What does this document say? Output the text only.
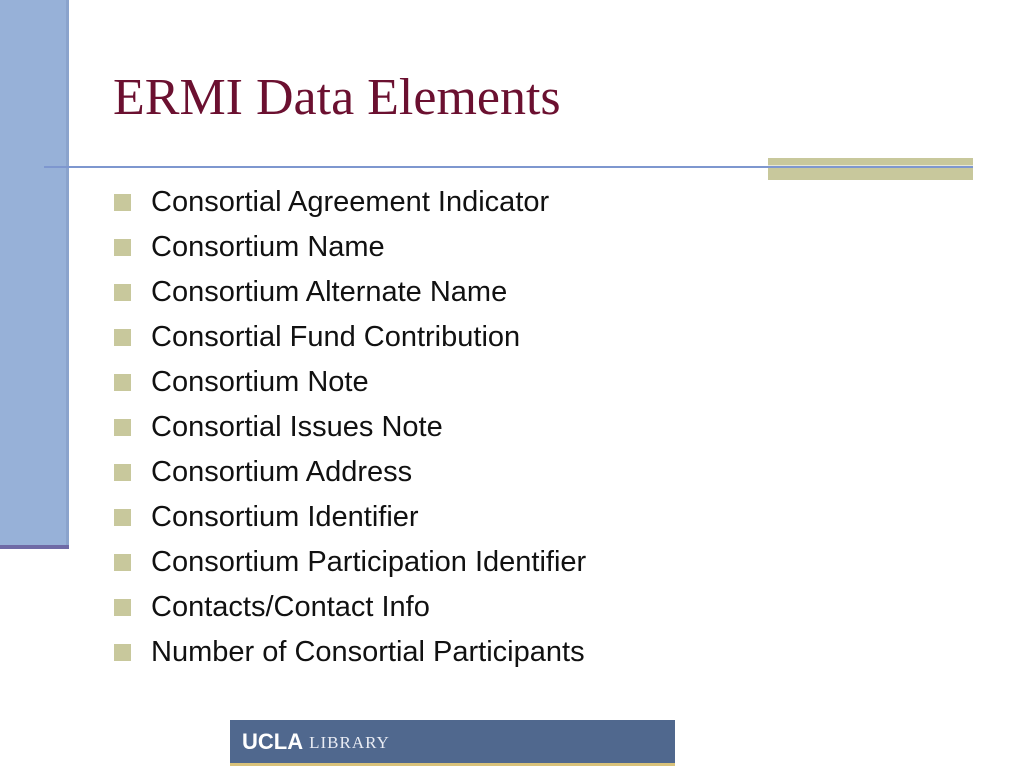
ERMI Data Elements
Consortial Agreement Indicator
Consortium Name
Consortium Alternate Name
Consortial Fund Contribution
Consortium Note
Consortial Issues Note
Consortium Address
Consortium Identifier
Consortium Participation Identifier
Contacts/Contact Info
Number of Consortial Participants
UCLA LIBRARY
